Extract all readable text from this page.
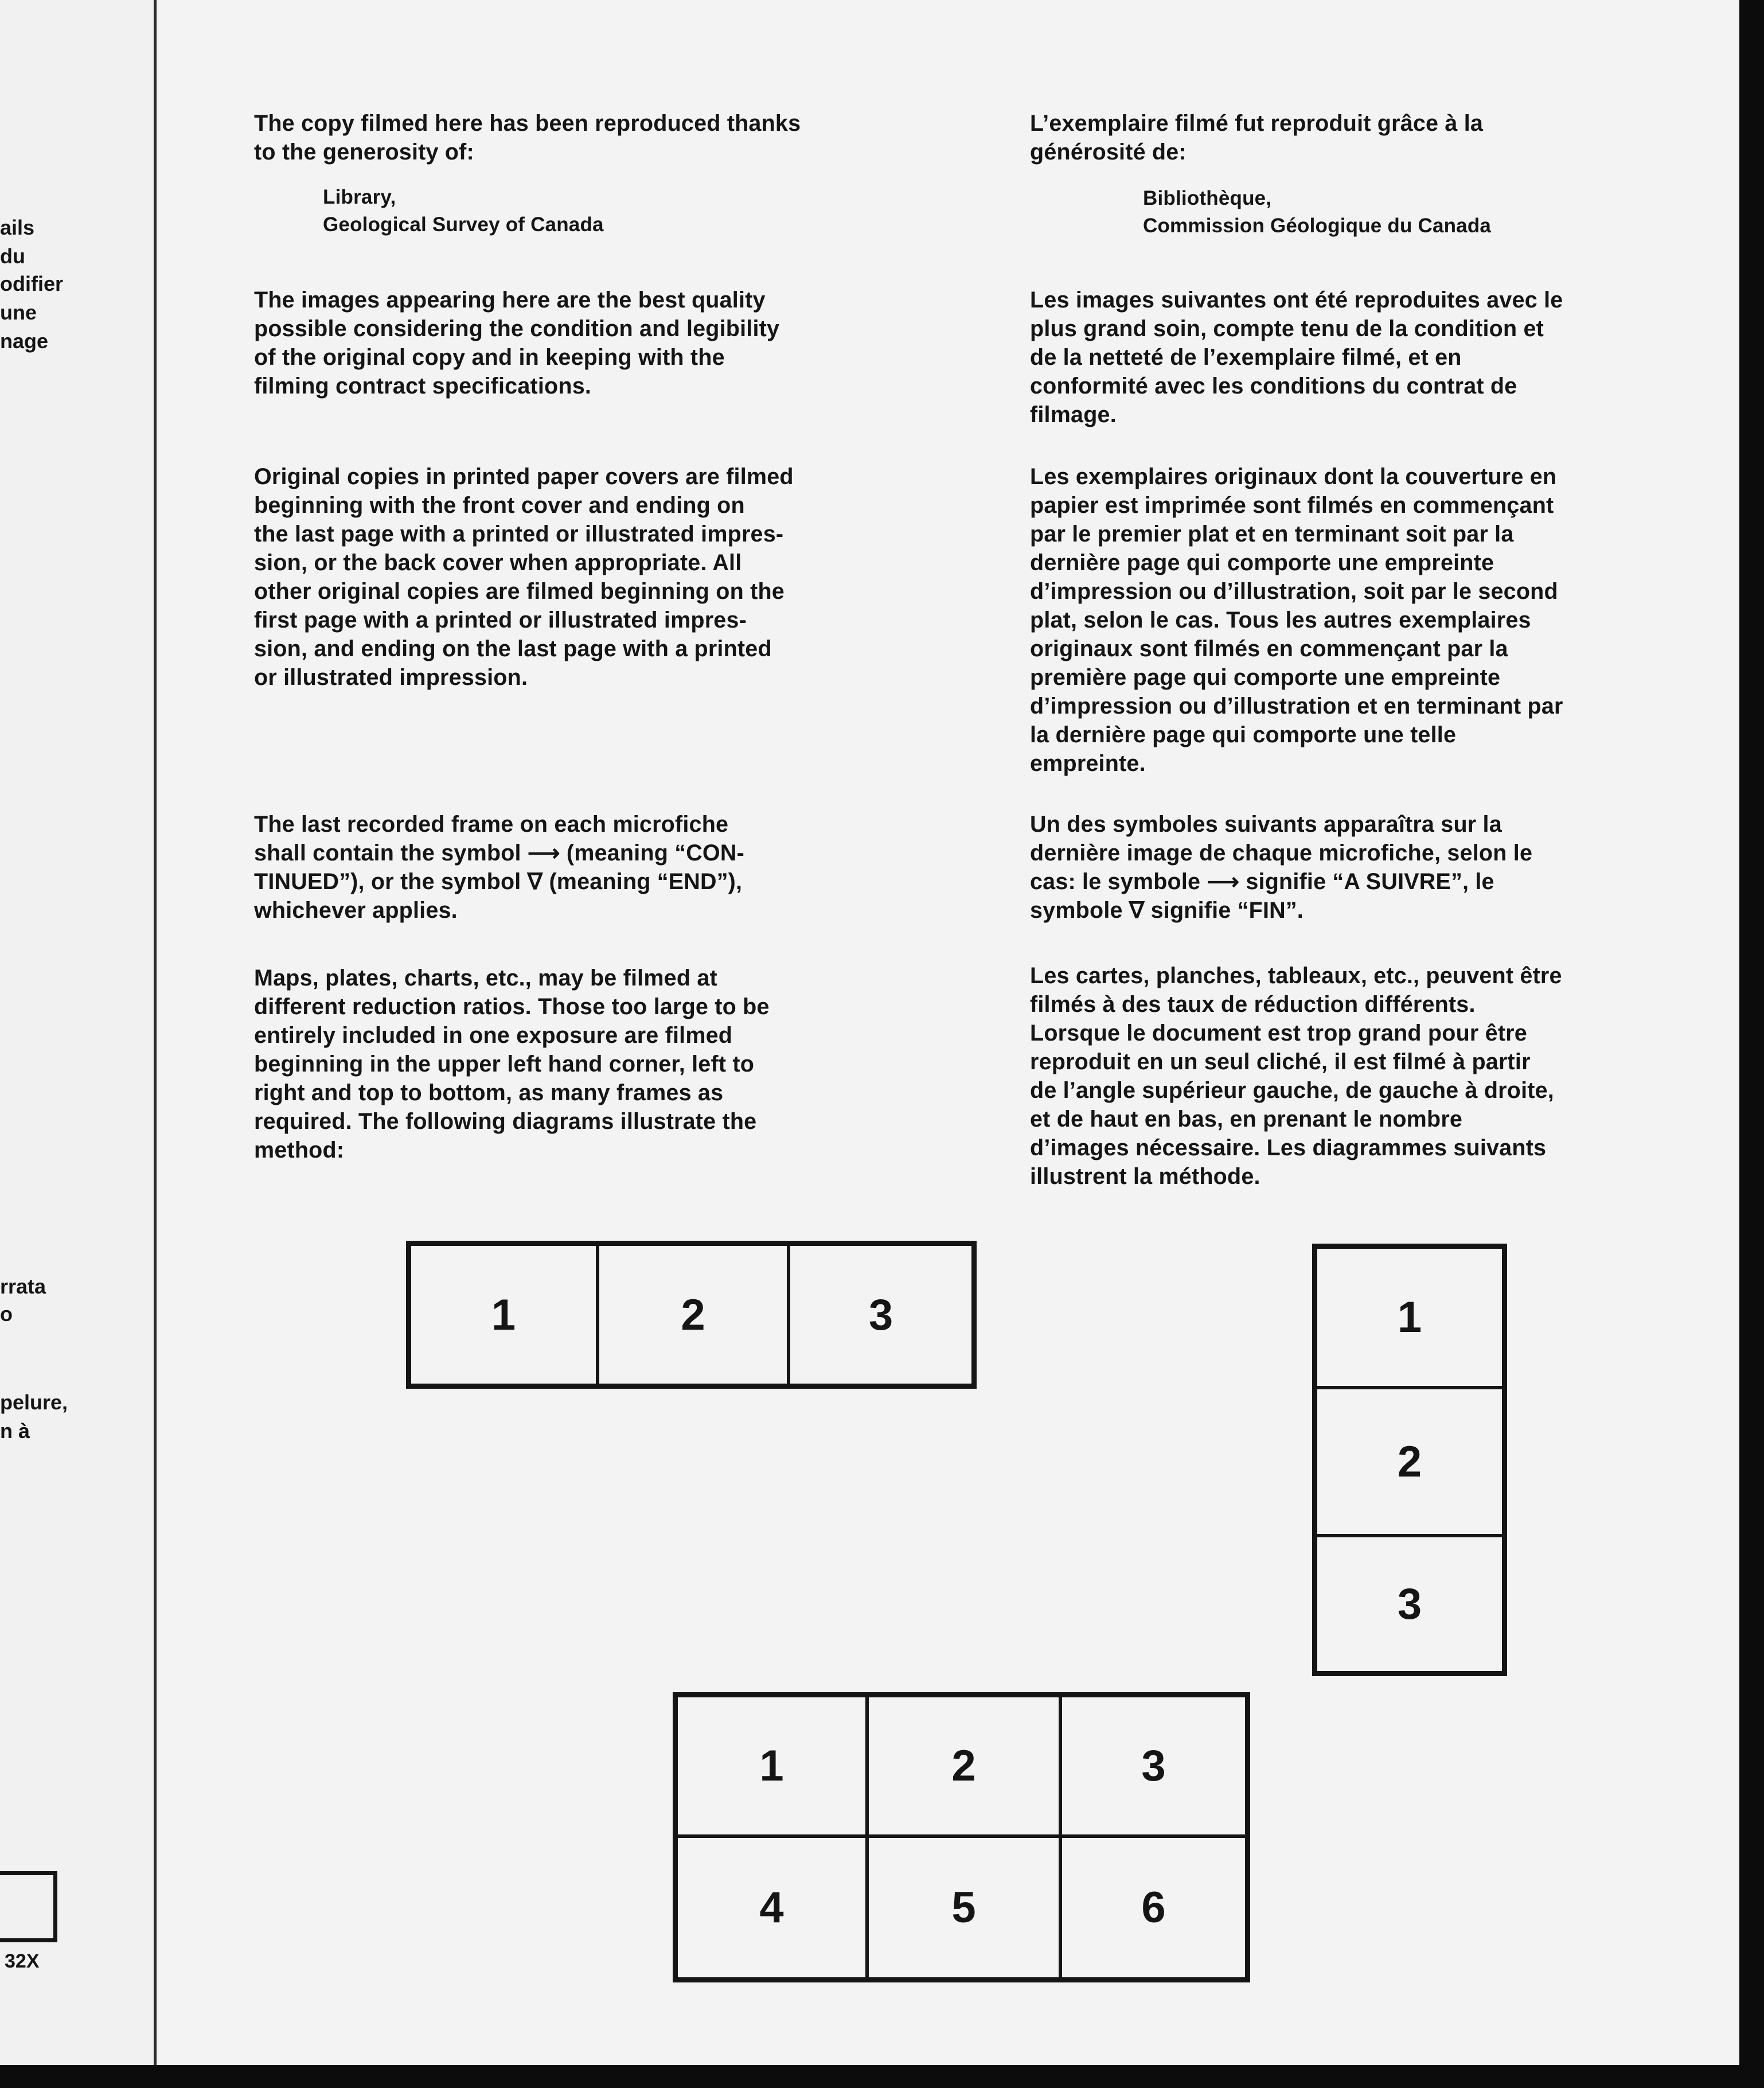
ails

du

odifier

une

nage

rrata

o

pelure,

n à

32X

The copy filmed here has been reproduced thanks
to the generosity of:

Library,
Geological Survey of Canada

The images appearing here are the best quality
possible considering the condition and legibility
of the original copy and in keeping with the
filming contract specifications.

Original copies in printed paper covers are filmed
beginning with the front cover and ending on
the last page with a printed or illustrated impres-
sion, or the back cover when appropriate. All
other original copies are filmed beginning on the
first page with a printed or illustrated impres-
sion, and ending on the last page with a printed
or illustrated impression.

The last recorded frame on each microfiche
shall contain the symbol ⟶ (meaning “CON-
TINUED”), or the symbol ∇ (meaning “END”),
whichever applies.

Maps, plates, charts, etc., may be filmed at
different reduction ratios. Those too large to be
entirely included in one exposure are filmed
beginning in the upper left hand corner, left to
right and top to bottom, as many frames as
required. The following diagrams illustrate the
method:

L’exemplaire filmé fut reproduit grâce à la
générosité de:

Bibliothèque,
Commission Géologique du Canada

Les images suivantes ont été reproduites avec le
plus grand soin, compte tenu de la condition et
de la netteté de l’exemplaire filmé, et en
conformité avec les conditions du contrat de
filmage.

Les exemplaires originaux dont la couverture en
papier est imprimée sont filmés en commençant
par le premier plat et en terminant soit par la
dernière page qui comporte une empreinte
d’impression ou d’illustration, soit par le second
plat, selon le cas. Tous les autres exemplaires
originaux sont filmés en commençant par la
première page qui comporte une empreinte
d’impression ou d’illustration et en terminant par
la dernière page qui comporte une telle
empreinte.

Un des symboles suivants apparaîtra sur la
dernière image de chaque microfiche, selon le
cas: le symbole ⟶ signifie “A SUIVRE”, le
symbole ∇ signifie “FIN”.

Les cartes, planches, tableaux, etc., peuvent être
filmés à des taux de réduction différents.
Lorsque le document est trop grand pour être
reproduit en un seul cliché, il est filmé à partir
de l’angle supérieur gauche, de gauche à droite,
et de haut en bas, en prenant le nombre
d’images nécessaire. Les diagrammes suivants
illustrent la méthode.

1	2	3	1
2
3
1	2	3
4	5	6
